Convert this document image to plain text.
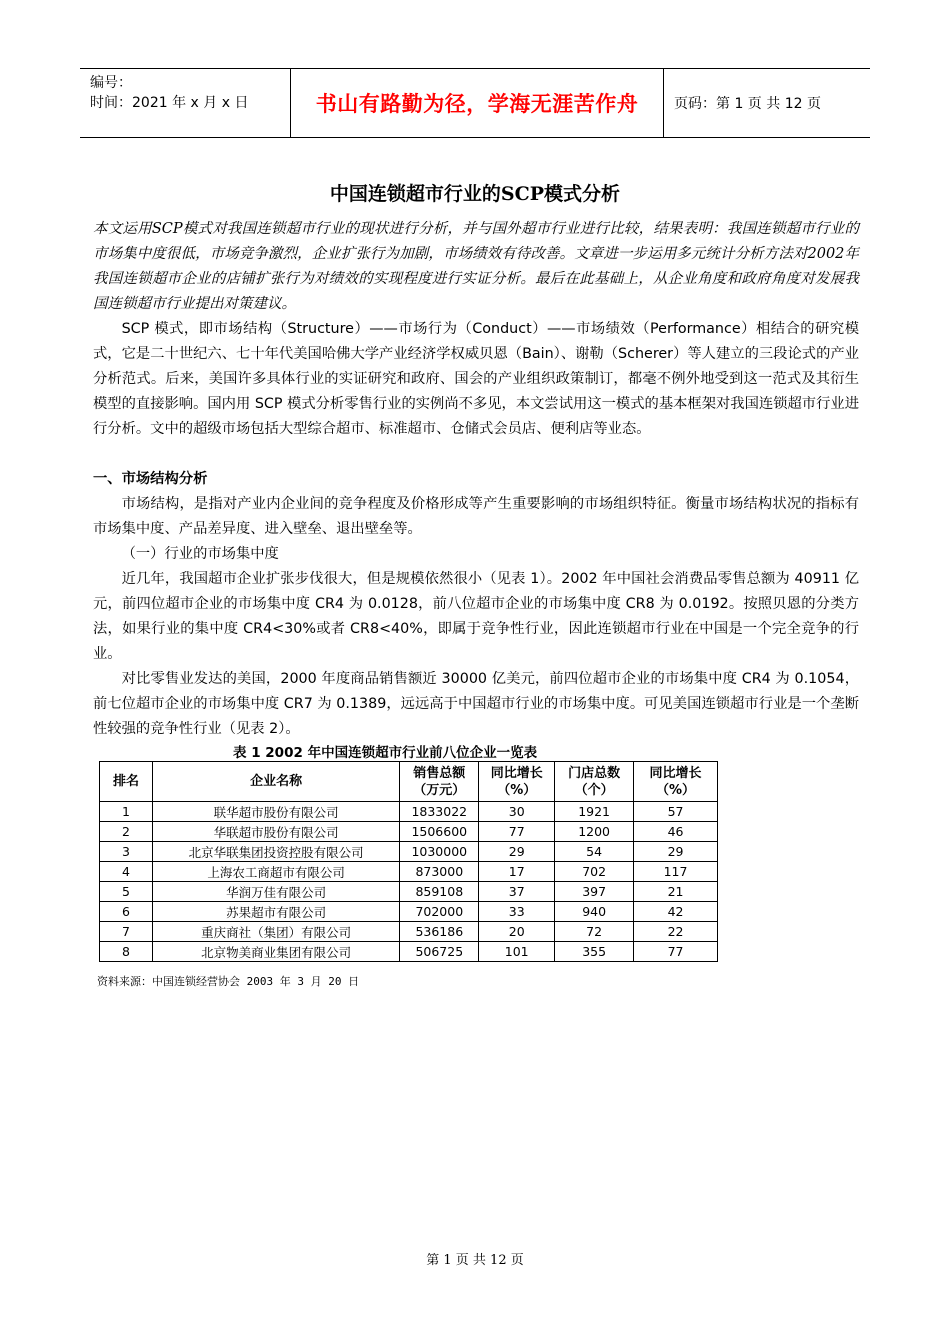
编号：
时间：2021 年 x 月 x 日	书山有路勤为径，学海无涯苦作舟	页码：第 1 页 共 12 页
中国连锁超市行业的SCP模式分析
本文运用SCP模式对我国连锁超市行业的现状进行分析，并与国外超市行业进行比较，结果表明：我国连锁超市行业的市场集中度很低，市场竞争激烈，企业扩张行为加剧，市场绩效有待改善。文章进一步运用多元统计分析方法对2002年我国连锁超市企业的店铺扩张行为对绩效的实现程度进行实证分析。最后在此基础上，从企业角度和政府角度对发展我国连锁超市行业提出对策建议。
SCP 模式，即市场结构（Structure）——市场行为（Conduct）——市场绩效（Performance）相结合的研究模式，它是二十世纪六、七十年代美国哈佛大学产业经济学权威贝恩（Bain）、谢勒（Scherer）等人建立的三段论式的产业分析范式。后来，美国许多具体行业的实证研究和政府、国会的产业组织政策制订，都毫不例外地受到这一范式及其衍生模型的直接影响。国内用 SCP 模式分析零售行业的实例尚不多见，本文尝试用这一模式的基本框架对我国连锁超市行业进行分析。文中的超级市场包括大型综合超市、标准超市、仓储式会员店、便利店等业态。
一、市场结构分析
市场结构，是指对产业内企业间的竞争程度及价格形成等产生重要影响的市场组织特征。衡量市场结构状况的指标有市场集中度、产品差异度、进入壁垒、退出壁垒等。
（一）行业的市场集中度
近几年，我国超市企业扩张步伐很大，但是规模依然很小（见表 1）。2002 年中国社会消费品零售总额为 40911 亿元，前四位超市企业的市场集中度 CR4 为 0.0128，前八位超市企业的市场集中度 CR8 为 0.0192。按照贝恩的分类方法，如果行业的集中度 CR4<30%或者 CR8<40%，即属于竞争性行业，因此连锁超市行业在中国是一个完全竞争的行业。
对比零售业发达的美国，2000 年度商品销售额近 30000 亿美元，前四位超市企业的市场集中度 CR4 为 0.1054，前七位超市企业的市场集中度 CR7 为 0.1389，远远高于中国超市行业的市场集中度。可见美国连锁超市行业是一个垄断性较强的竞争性行业（见表 2）。
表 1 2002 年中国连锁超市行业前八位企业一览表
排名	企业名称	销售总额（万元）	同比增长（%）	门店总数（个）	同比增长（%）
1	联华超市股份有限公司	1833022	30	1921	57
2	华联超市股份有限公司	1506600	77	1200	46
3	北京华联集团投资控股有限公司	1030000	29	54	29
4	上海农工商超市有限公司	873000	17	702	117
5	华润万佳有限公司	859108	37	397	21
6	苏果超市有限公司	702000	33	940	42
7	重庆商社（集团）有限公司	536186	20	72	22
8	北京物美商业集团有限公司	506725	101	355	77
资料来源：中国连锁经营协会 2003 年 3 月 20 日
第 1 页 共 12 页
